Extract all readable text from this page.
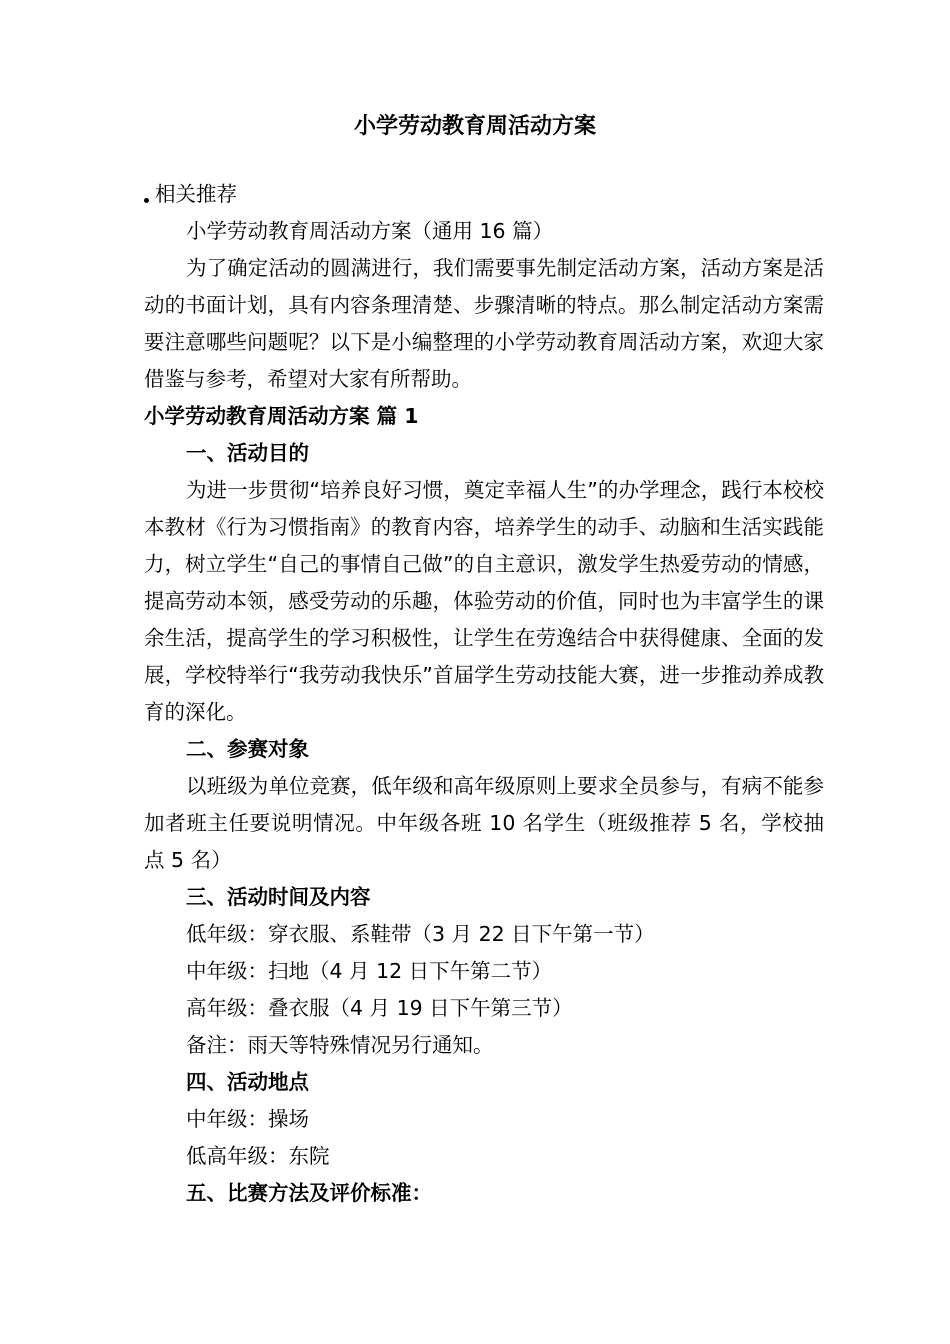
小学劳动教育周活动方案

相关推荐

小学劳动教育周活动方案（通用 16 篇）

为了确定活动的圆满进行，我们需要事先制定活动方案，活动方案是活动的书面计划，具有内容条理清楚、步骤清晰的特点。那么制定活动方案需要注意哪些问题呢？以下是小编整理的小学劳动教育周活动方案，欢迎大家借鉴与参考，希望对大家有所帮助。

小学劳动教育周活动方案 篇 1

一、活动目的

为进一步贯彻“培养良好习惯，奠定幸福人生”的办学理念，践行本校校本教材《行为习惯指南》的教育内容，培养学生的动手、动脑和生活实践能力，树立学生“自己的事情自己做”的自主意识，激发学生热爱劳动的情感，提高劳动本领，感受劳动的乐趣，体验劳动的价值，同时也为丰富学生的课余生活，提高学生的学习积极性，让学生在劳逸结合中获得健康、全面的发展，学校特举行“我劳动我快乐”首届学生劳动技能大赛，进一步推动养成教育的深化。

二、参赛对象

以班级为单位竞赛，低年级和高年级原则上要求全员参与，有病不能参加者班主任要说明情况。中年级各班 10 名学生（班级推荐 5 名，学校抽点 5 名）

三、活动时间及内容

低年级：穿衣服、系鞋带（3 月 22 日下午第一节）

中年级：扫地（4 月 12 日下午第二节）

高年级：叠衣服（4 月 19 日下午第三节）

备注：雨天等特殊情况另行通知。

四、活动地点

中年级：操场

低高年级：东院

五、比赛方法及评价标准：
